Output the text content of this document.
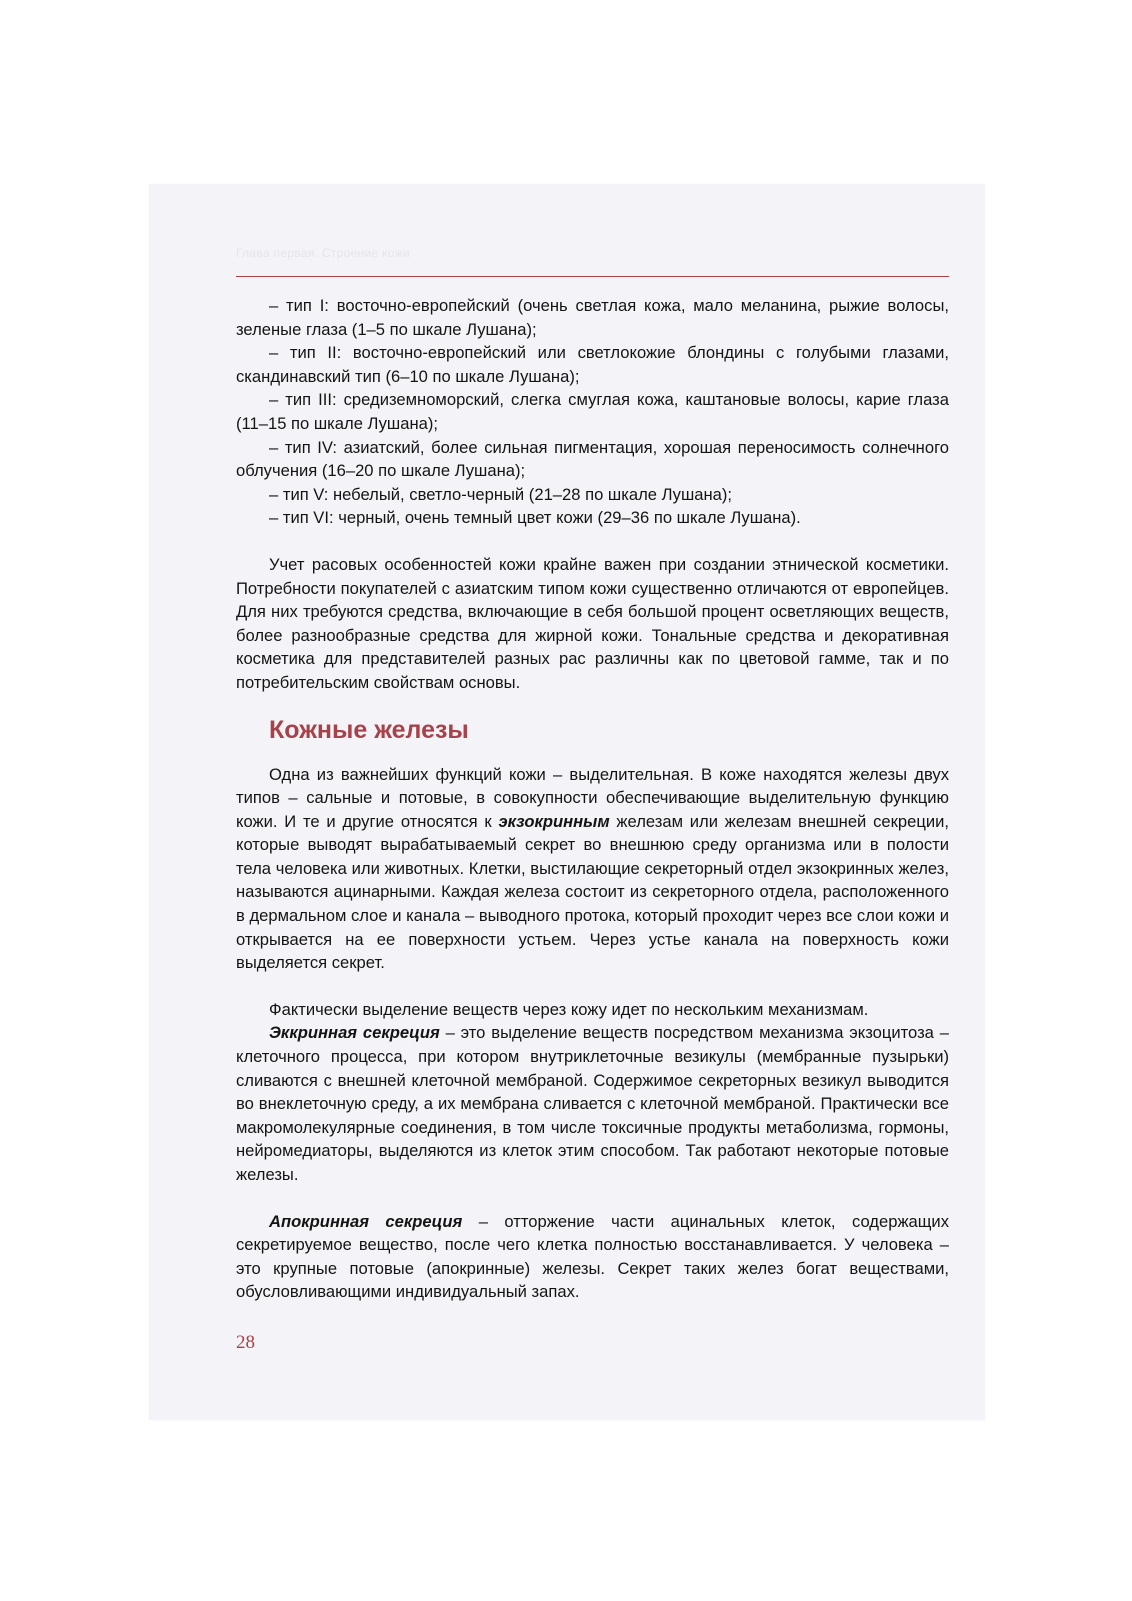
Глава первая. Строение кожи

– тип I: восточно-европейский (очень светлая кожа, мало меланина, рыжие волосы, зеленые глаза (1–5 по шкале Лушана);

– тип II: восточно-европейский или светлокожие блондины с голубыми глазами, скандинавский тип (6–10 по шкале Лушана);

– тип III: средиземноморский, слегка смуглая кожа, каштановые волосы, карие глаза (11–15 по шкале Лушана);

– тип IV: азиатский, более сильная пигментация, хорошая переносимость солнечного облучения (16–20 по шкале Лушана);

– тип V: небелый, светло-черный (21–28 по шкале Лушана);

– тип VI: черный, очень темный цвет кожи (29–36 по шкале Лушана).

Учет расовых особенностей кожи крайне важен при создании этнической косметики. Потребности покупателей с азиатским типом кожи существенно отличаются от европейцев. Для них требуются средства, включающие в себя большой процент осветляющих веществ, более разнообразные средства для жирной кожи. Тональные средства и декоративная косметика для представителей разных рас различны как по цветовой гамме, так и по потребительским свойствам основы.

Кожные железы

Одна из важнейших функций кожи – выделительная. В коже находятся железы двух типов – сальные и потовые, в совокупности обеспечивающие выделительную функцию кожи. И те и другие относятся к экзокринным железам или железам внешней секреции, которые выводят вырабатываемый секрет во внешнюю среду организма или в полости тела человека или животных. Клетки, выстилающие секреторный отдел экзокринных желез, называются ацинарными. Каждая железа состоит из секреторного отдела, расположенного в дермальном слое и канала – выводного протока, который проходит через все слои кожи и открывается на ее поверхности устьем. Через устье канала на поверхность кожи выделяется секрет.

Фактически выделение веществ через кожу идет по нескольким механизмам.

Эккринная секреция – это выделение веществ посредством механизма экзоцитоза – клеточного процесса, при котором внутриклеточные везикулы (мембранные пузырьки) сливаются с внешней клеточной мембраной. Содержимое секреторных везикул выводится во внеклеточную среду, а их мембрана сливается с клеточной мембраной. Практически все макромолекулярные соединения, в том числе токсичные продукты метаболизма, гормоны, нейромедиаторы, выделяются из клеток этим способом. Так работают некоторые потовые железы.

Апокринная секреция – отторжение части ацинальных клеток, содержащих секретируемое вещество, после чего клетка полностью восстанавливается. У человека – это крупные потовые (апокринные) железы. Секрет таких желез богат веществами, обусловливающими индивидуальный запах.

28
